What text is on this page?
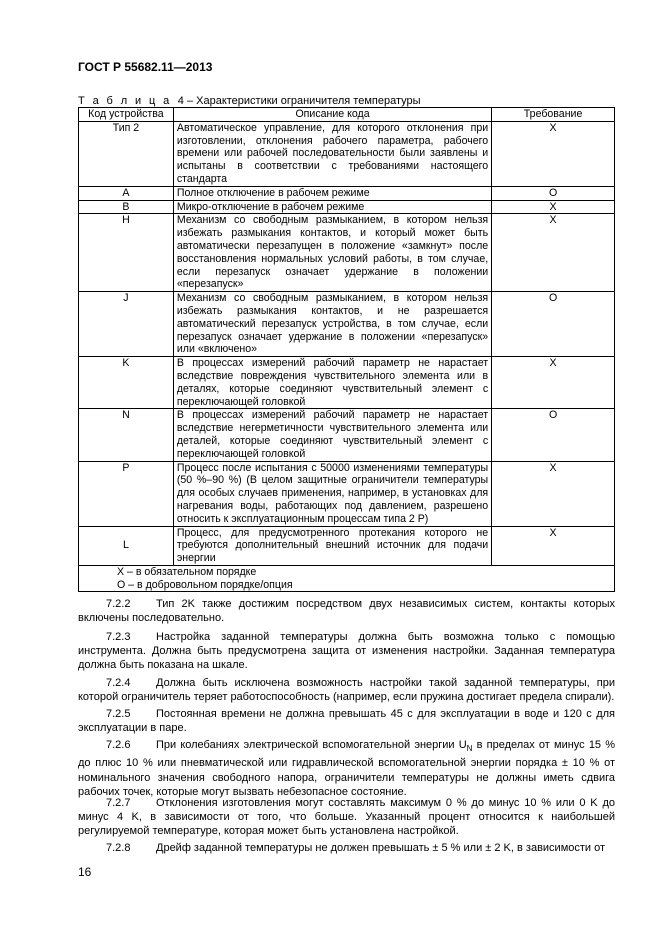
ГОСТ Р 55682.11—2013
Т а б л и ц а 4 – Характеристики ограничителя температуры
Код устройства	Описание кода	Требование
Тип 2	Автоматическое управление, для которого отклонения при изготовлении, отклонения рабочего параметра, рабочего времени или рабочей последовательности были заявлены и испытаны в соответствии с требованиями настоящего стандарта	X
A	Полное отключение в рабочем режиме	O
B	Микро-отключение в рабочем режиме	X
H	Механизм со свободным размыканием, в котором нельзя избежать размыкания контактов, и который может быть автоматически перезапущен в положение «замкнут» после восстановления нормальных условий работы, в том случае, если перезапуск означает удержание в положении «перезапуск»	X
J	Механизм со свободным размыканием, в котором нельзя избежать размыкания контактов, и не разрешается автоматический перезапуск устройства, в том случае, если перезапуск означает удержание в положении «перезапуск» или «включено»	O
K	В процессах измерений рабочий параметр не нарастает вследствие повреждения чувствительного элемента или в деталях, которые соединяют чувствительный элемент с переключающей головкой	X
N	В процессах измерений рабочий параметр не нарастает вследствие негерметичности чувствительного элемента или деталей, которые соединяют чувствительный элемент с переключающей головкой	O
P	Процесс после испытания с 50000 изменениями температуры (50 %–90 %) (В целом защитные ограничители температуры для особых случаев применения, например, в установках для нагревания воды, работающих под давлением, разрешено относить к эксплуатационным процессам типа 2 P)	X
L	Процесс, для предусмотренного протекания которого не требуются дополнительный внешний источник для подачи энергии	X

X – в обязательном порядке
O – в добровольном порядке/опция		
7.2.2 Тип 2K также достижим посредством двух независимых систем, контакты которых включены последовательно.
7.2.3 Настройка заданной температуры должна быть возможна только с помощью инструмента. Должна быть предусмотрена защита от изменения настройки. Заданная температура должна быть показана на шкале.
7.2.4 Должна быть исключена возможность настройки такой заданной температуры, при которой ограничитель теряет работоспособность (например, если пружина достигает предела спирали).
7.2.5 Постоянная времени не должна превышать 45 с для эксплуатации в воде и 120 с для эксплуатации в паре.
7.2.6 При колебаниях электрической вспомогательной энергии $U_N$ в пределах от минус 15 % до плюс 10 % или пневматической или гидравлической вспомогательной энергии порядка ± 10 % от номинального значения свободного напора, ограничители температуры не должны иметь сдвига рабочих точек, которые могут вызвать небезопасное состояние.
7.2.7 Отклонения изготовления могут составлять максимум 0 % до минус 10 % или 0 K до минус 4 K, в зависимости от того, что больше. Указанный процент относится к наибольшей регулируемой температуре, которая может быть установлена настройкой.
7.2.8 Дрейф заданной температуры не должен превышать ± 5 % или ± 2 K, в зависимости от
16
